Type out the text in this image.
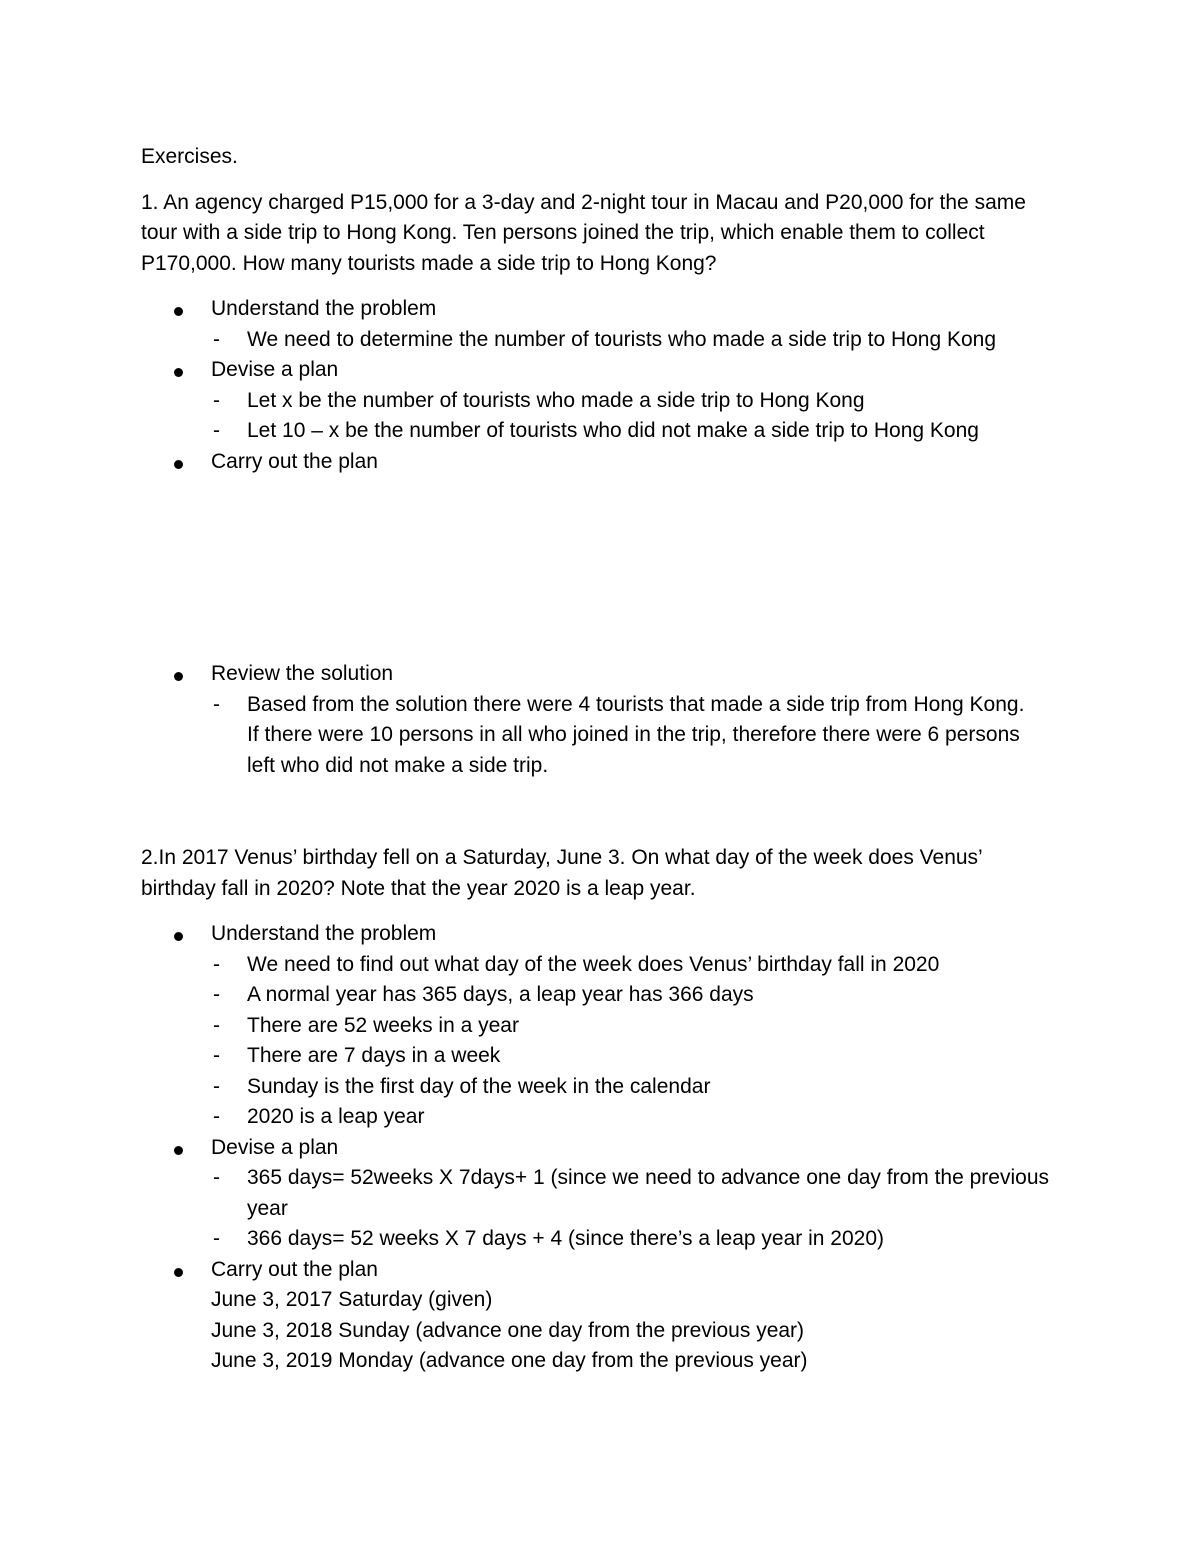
Exercises.

1. An agency charged P15,000 for a 3-day and 2-night tour in Macau and P20,000 for the same
tour with a side trip to Hong Kong. Ten persons joined the trip, which enable them to collect
P170,000. How many tourists made a side trip to Hong Kong?
Understand the problem
- We need to determine the number of tourists who made a side trip to Hong Kong
Devise a plan
- Let x be the number of tourists who made a side trip to Hong Kong
- Let 10 – x be the number of tourists who did not make a side trip to Hong Kong
Carry out the plan
Review the solution
- Based from the solution there were 4 tourists that made a side trip from Hong Kong.
If there were 10 persons in all who joined in the trip, therefore there were 6 persons
left who did not make a side trip.
2.In 2017 Venus’ birthday fell on a Saturday, June 3. On what day of the week does Venus’
birthday fall in 2020? Note that the year 2020 is a leap year.
Understand the problem
- We need to find out what day of the week does Venus’ birthday fall in 2020
- A normal year has 365 days, a leap year has 366 days
- There are 52 weeks in a year
- There are 7 days in a week
- Sunday is the first day of the week in the calendar
- 2020 is a leap year
Devise a plan
- 365 days= 52weeks X 7days+ 1 (since we need to advance one day from the previous
year
- 366 days= 52 weeks X 7 days + 4 (since there’s a leap year in 2020)
Carry out the plan
June 3, 2017 Saturday (given)
June 3, 2018 Sunday (advance one day from the previous year)
June 3, 2019 Monday (advance one day from the previous year)
